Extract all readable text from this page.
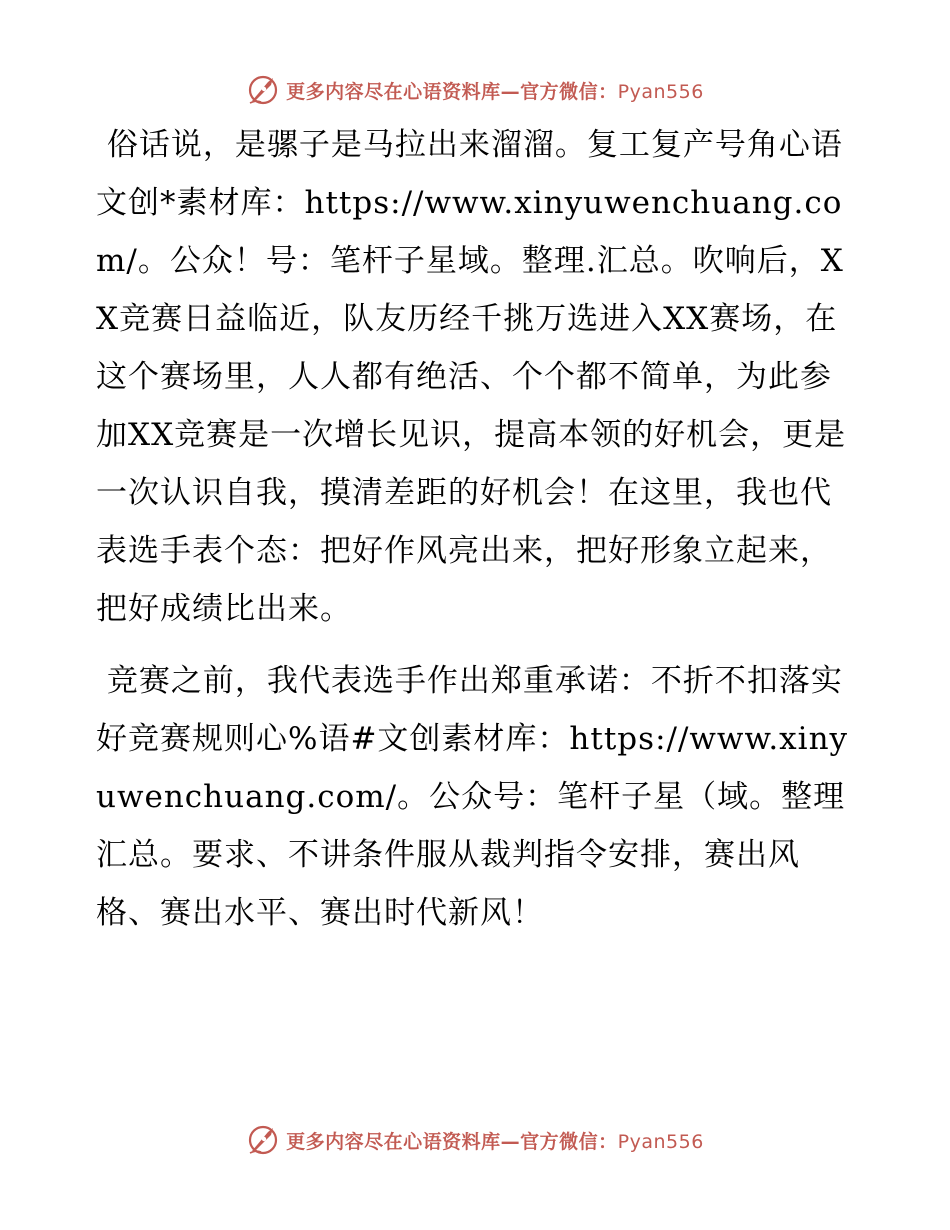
更多内容尽在心语资料库—官方微信：Pyan556

俗话说，是骡子是马拉出来溜溜。复工复产号角心语文创*素材库：https://www.xinyuwenchuang.com/。公众！号：笔杆子星域。整理.汇总。吹响后，XX竞赛日益临近，队友历经千挑万选进入XX赛场，在这个赛场里，人人都有绝活、个个都不简单，为此参加XX竞赛是一次增长见识，提高本领的好机会，更是一次认识自我，摸清差距的好机会！在这里，我也代表选手表个态：把好作风亮出来，把好形象立起来，把好成绩比出来。

竞赛之前，我代表选手作出郑重承诺：不折不扣落实好竞赛规则心%语#文创素材库：https://www.xinyuwenchuang.com/。公众号：笔杆子星（域。整理汇总。要求、不讲条件服从裁判指令安排，赛出风格、赛出水平、赛出时代新风！

更多内容尽在心语资料库—官方微信：Pyan556
